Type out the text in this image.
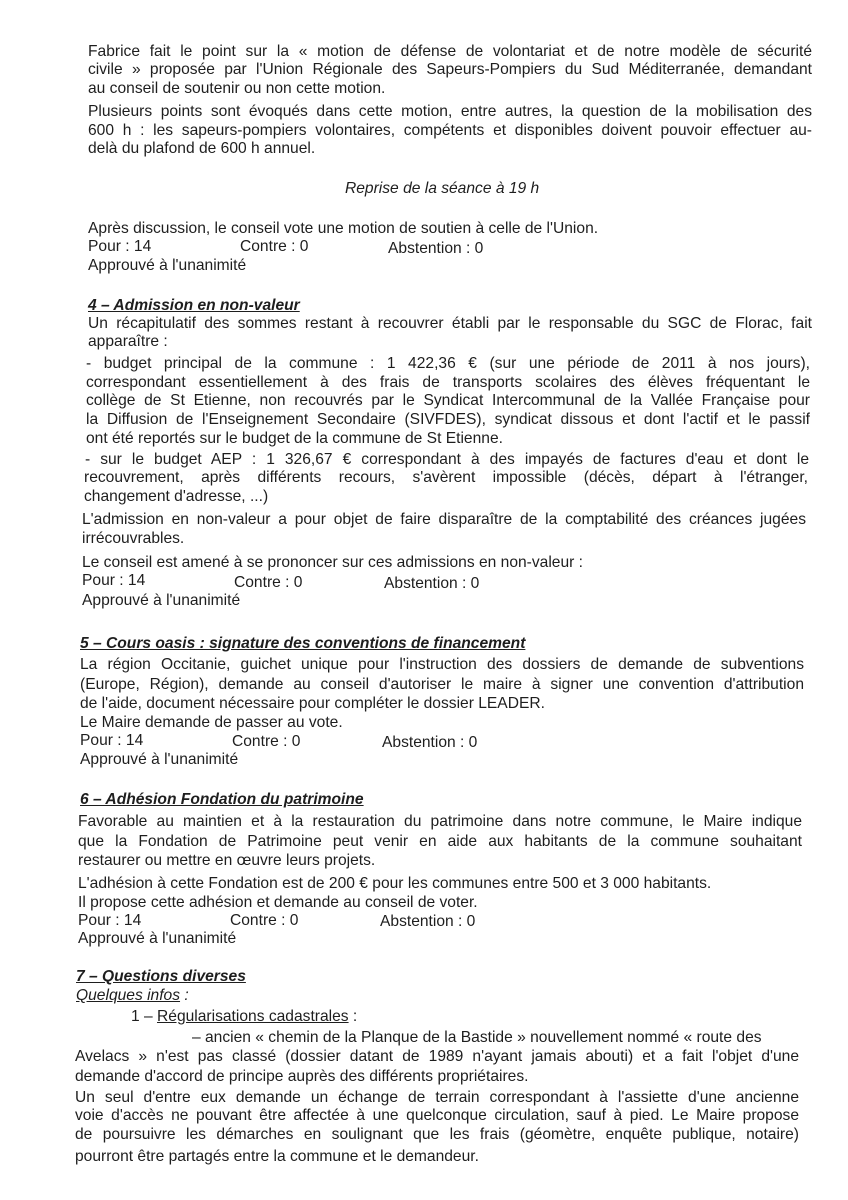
Fabrice fait le point sur la « motion de défense de volontariat et de notre modèle de sécurité
civile » proposée par l'Union Régionale des Sapeurs-Pompiers du Sud Méditerranée, demandant
au conseil de soutenir ou non cette motion.
Plusieurs points sont évoqués dans cette motion, entre autres, la question de la mobilisation des
600 h : les sapeurs-pompiers volontaires, compétents et disponibles doivent pouvoir effectuer au-
delà du plafond de 600 h annuel.
Reprise de la séance à 19 h
Après discussion, le conseil vote une motion de soutien à celle de l'Union.
Pour : 14	Contre : 0	Abstention : 0
Approuvé à l'unanimité
4 – Admission en non-valeur
Un récapitulatif des sommes restant à recouvrer établi par le responsable du SGC de Florac, fait
apparaître :
- budget principal de la commune : 1 422,36 € (sur une période de 2011 à nos jours),
correspondant essentiellement à des frais de transports scolaires des élèves fréquentant le
collège de St Etienne, non recouvrés par le Syndicat Intercommunal de la Vallée Française pour
la Diffusion de l'Enseignement Secondaire (SIVFDES), syndicat dissous et dont l'actif et le passif
ont été reportés sur le budget de la commune de St Etienne.
- sur le budget AEP : 1 326,67 € correspondant à des impayés de factures d'eau et dont le
recouvrement, après différents recours, s'avèrent impossible (décès, départ à l'étranger,
changement d'adresse, ...)
L'admission en non-valeur a pour objet de faire disparaître de la comptabilité des créances jugées
irrécouvrables.
Le conseil est amené à se prononcer sur ces admissions en non-valeur :
Pour : 14	Contre : 0	Abstention : 0
Approuvé à l'unanimité
5 – Cours oasis : signature des conventions de financement
La région Occitanie, guichet unique pour l'instruction des dossiers de demande de subventions
(Europe, Région), demande au conseil d'autoriser le maire à signer une convention d'attribution
de l'aide, document nécessaire pour compléter le dossier LEADER.
Le Maire demande de passer au vote.
Pour : 14	Contre : 0	Abstention : 0
Approuvé à l'unanimité
6 – Adhésion Fondation du patrimoine
Favorable au maintien et à la restauration du patrimoine dans notre commune, le Maire indique
que la Fondation de Patrimoine peut venir en aide aux habitants de la commune souhaitant
restaurer ou mettre en œuvre leurs projets.
L'adhésion à cette Fondation est de 200 € pour les communes entre 500 et 3 000 habitants.
Il propose cette adhésion et demande au conseil de voter.
Pour : 14	Contre : 0	Abstention : 0
Approuvé à l'unanimité
7 – Questions diverses
Quelques infos :
1 – Régularisations cadastrales :
– ancien « chemin de la Planque de la Bastide » nouvellement nommé « route des
Avelacs » n'est pas classé (dossier datant de 1989 n'ayant jamais abouti) et a fait l'objet d'une
demande d'accord de principe auprès des différents propriétaires.
Un seul d'entre eux demande un échange de terrain correspondant à l'assiette d'une ancienne
voie d'accès ne pouvant être affectée à une quelconque circulation, sauf à pied. Le Maire propose
de poursuivre les démarches en soulignant que les frais (géomètre, enquête publique, notaire)
pourront être partagés entre la commune et le demandeur.
